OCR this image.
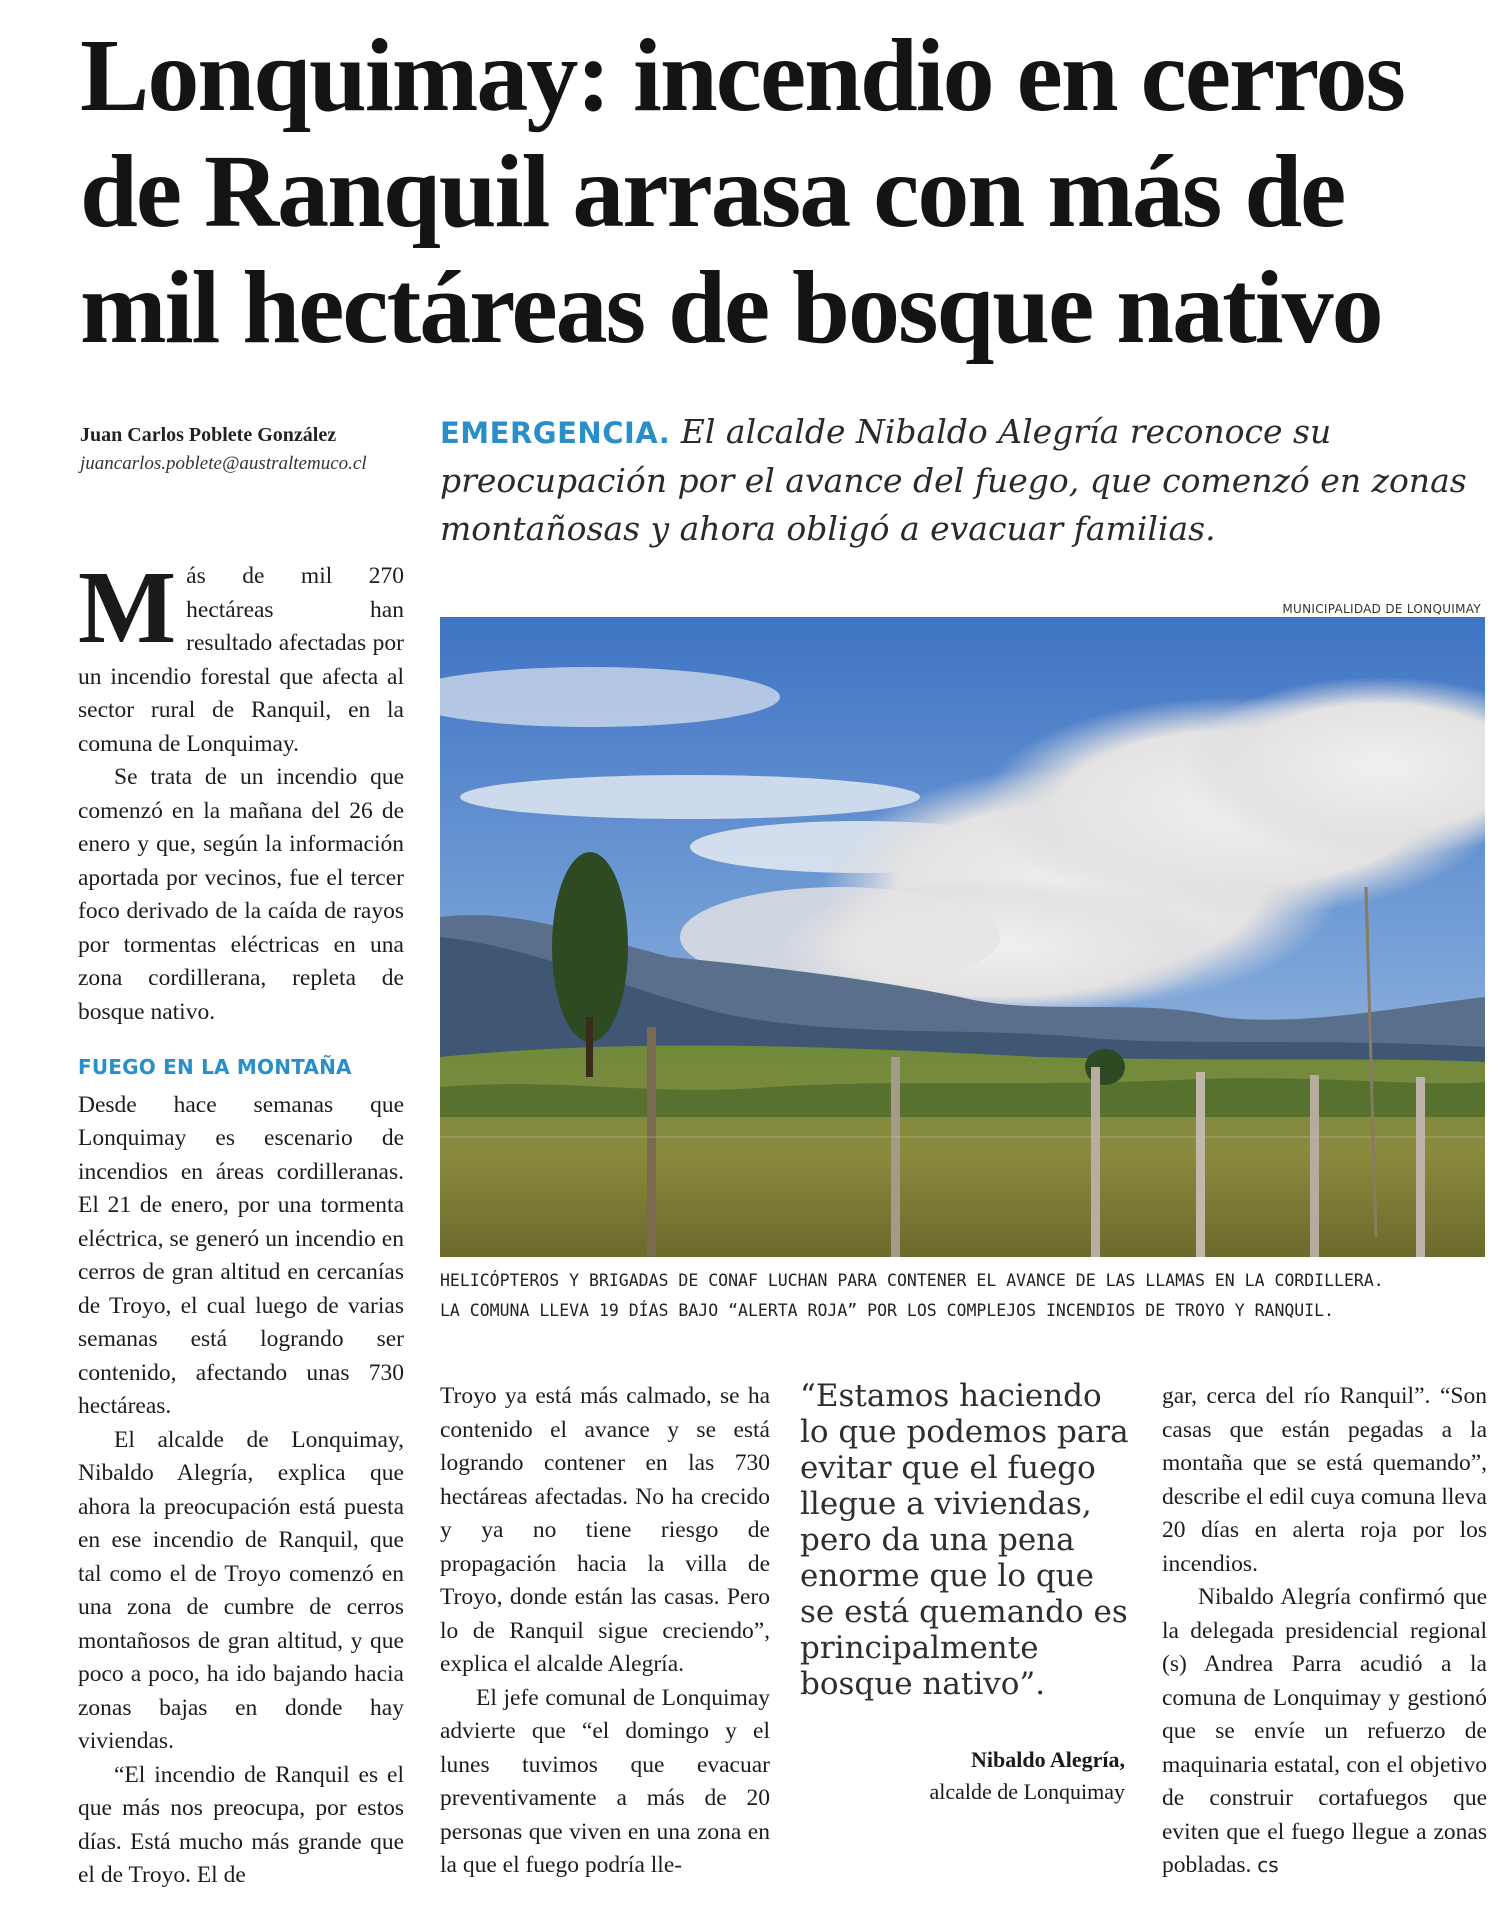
Lonquimay: incendio en cerros de Ranquil arrasa con más de mil hectáreas de bosque nativo
Juan Carlos Poblete González
juancarlos.poblete@australtemuco.cl
EMERGENCIA. El alcalde Nibaldo Alegría reconoce su preocupación por el avance del fuego, que comenzó en zonas montañosas y ahora obligó a evacuar familias.
MUNICIPALIDAD DE LONQUIMAY
HELICÓPTEROS Y BRIGADAS DE CONAF LUCHAN PARA CONTENER EL AVANCE DE LAS LLAMAS EN LA CORDILLERA.
LA COMUNA LLEVA 19 DÍAS BAJO “ALERTA ROJA” POR LOS COMPLEJOS INCENDIOS DE TROYO Y RANQUIL.

Más de mil 270 hectáreas han resultado afectadas por un incendio forestal que afecta al sector rural de Ranquil, en la comuna de Lonquimay.

Se trata de un incendio que comenzó en la mañana del 26 de enero y que, según la información aportada por vecinos, fue el tercer foco derivado de la caída de rayos por tormentas eléctricas en una zona cordillerana, repleta de bosque nativo.

FUEGO EN LA MONTAÑA

Desde hace semanas que Lonquimay es escenario de incendios en áreas cordilleranas. El 21 de enero, por una tormenta eléctrica, se generó un incendio en cerros de gran altitud en cercanías de Troyo, el cual luego de varias semanas está logrando ser contenido, afectando unas 730 hectáreas.

El alcalde de Lonquimay, Nibaldo Alegría, explica que ahora la preocupación está puesta en ese incendio de Ranquil, que tal como el de Troyo comenzó en una zona de cumbre de cerros montañosos de gran altitud, y que poco a poco, ha ido bajando hacia zonas bajas en donde hay viviendas.

“El incendio de Ranquil es el que más nos preocupa, por estos días. Está mucho más grande que el de Troyo. El de

Troyo ya está más calmado, se ha contenido el avance y se está logrando contener en las 730 hectáreas afectadas. No ha crecido y ya no tiene riesgo de propagación hacia la villa de Troyo, donde están las casas. Pero lo de Ranquil sigue creciendo”, explica el alcalde Alegría.

El jefe comunal de Lonquimay advierte que “el domingo y el lunes tuvimos que evacuar preventivamente a más de 20 personas que viven en una zona en la que el fuego podría lle-

“Estamos haciendo lo que podemos para evitar que el fuego llegue a viviendas, pero da una pena enorme que lo que se está quemando es principalmente bosque nativo”.
Nibaldo Alegría,
alcalde de Lonquimay

gar, cerca del río Ranquil”. “Son casas que están pegadas a la montaña que se está quemando”, describe el edil cuya comuna lleva 20 días en alerta roja por los incendios.

Nibaldo Alegría confirmó que la delegada presidencial regional (s) Andrea Parra acudió a la comuna de Lonquimay y gestionó que se envíe un refuerzo de maquinaria estatal, con el objetivo de construir cortafuegos que eviten que el fuego llegue a zonas pobladas. cs
